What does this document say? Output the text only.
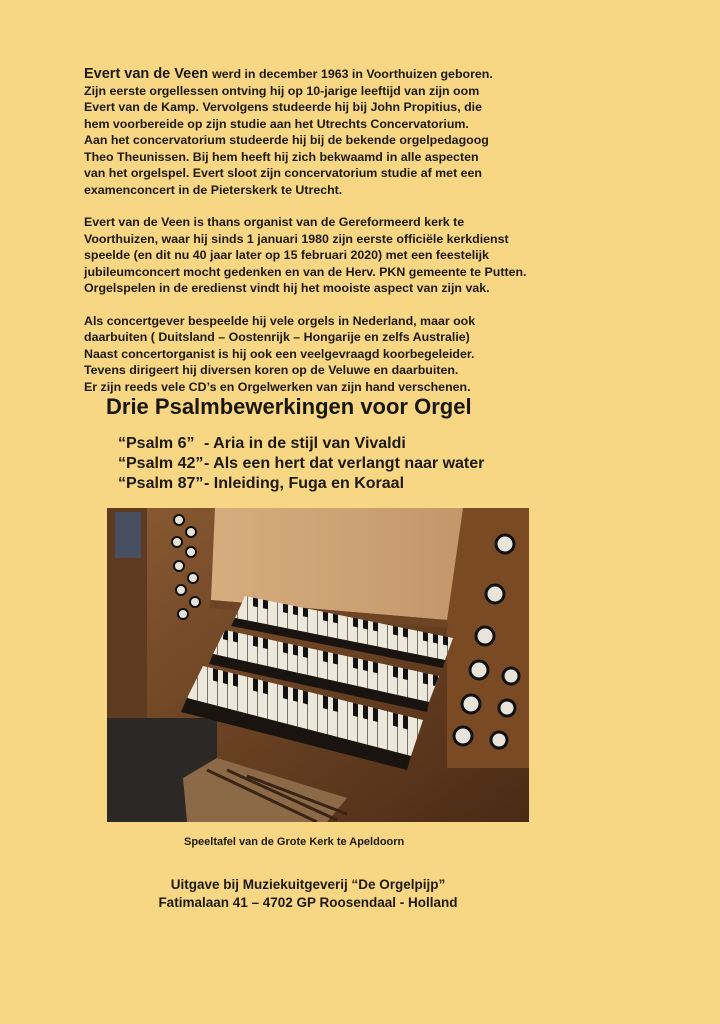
Evert van de Veen werd in december 1963 in Voorthuizen geboren.
Zijn eerste orgellessen ontving hij op 10-jarige leeftijd van zijn oom
Evert van de Kamp. Vervolgens studeerde hij bij John Propitius, die
hem voorbereide op zijn studie aan het Utrechts Concervatorium.
Aan het concervatorium studeerde hij bij de bekende orgelpedagoog
Theo Theunissen. Bij hem heeft hij zich bekwaamd in alle aspecten
van het orgelspel. Evert sloot zijn concervatorium studie af met een
examenconcert in de Pieterskerk te Utrecht.

Evert van de Veen is thans organist van de Gereformeerd kerk te
Voorthuizen, waar hij sinds 1 januari 1980 zijn eerste officiële kerkdienst
speelde (en dit nu 40 jaar later op 15 februari 2020) met een feestelijk
jubileumconcert mocht gedenken en van de Herv. PKN gemeente te Putten.
Orgelspelen in de eredienst vindt hij het mooiste aspect van zijn vak.

Als concertgever bespeelde hij vele orgels in Nederland, maar ook
daarbuiten ( Duitsland – Oostenrijk – Hongarije en zelfs Australie)
Naast concertorganist is hij ook een veelgevraagd koorbegeleider.
Tevens dirigeert hij diversen koren op de Veluwe en daarbuiten.
Er zijn reeds vele CD’s en Orgelwerken van zijn hand verschenen.

Drie Psalmbewerkingen voor Orgel
“Psalm 6” - Aria in de stijl van Vivaldi
“Psalm 42”- Als een hert dat verlangt naar water
“Psalm 87”- Inleiding, Fuga en Koraal
Speeltafel van de Grote Kerk te Apeldoorn
Uitgave bij Muziekuitgeverij “De Orgelpijp”
Fatimalaan 41 – 4702 GP Roosendaal - Holland
